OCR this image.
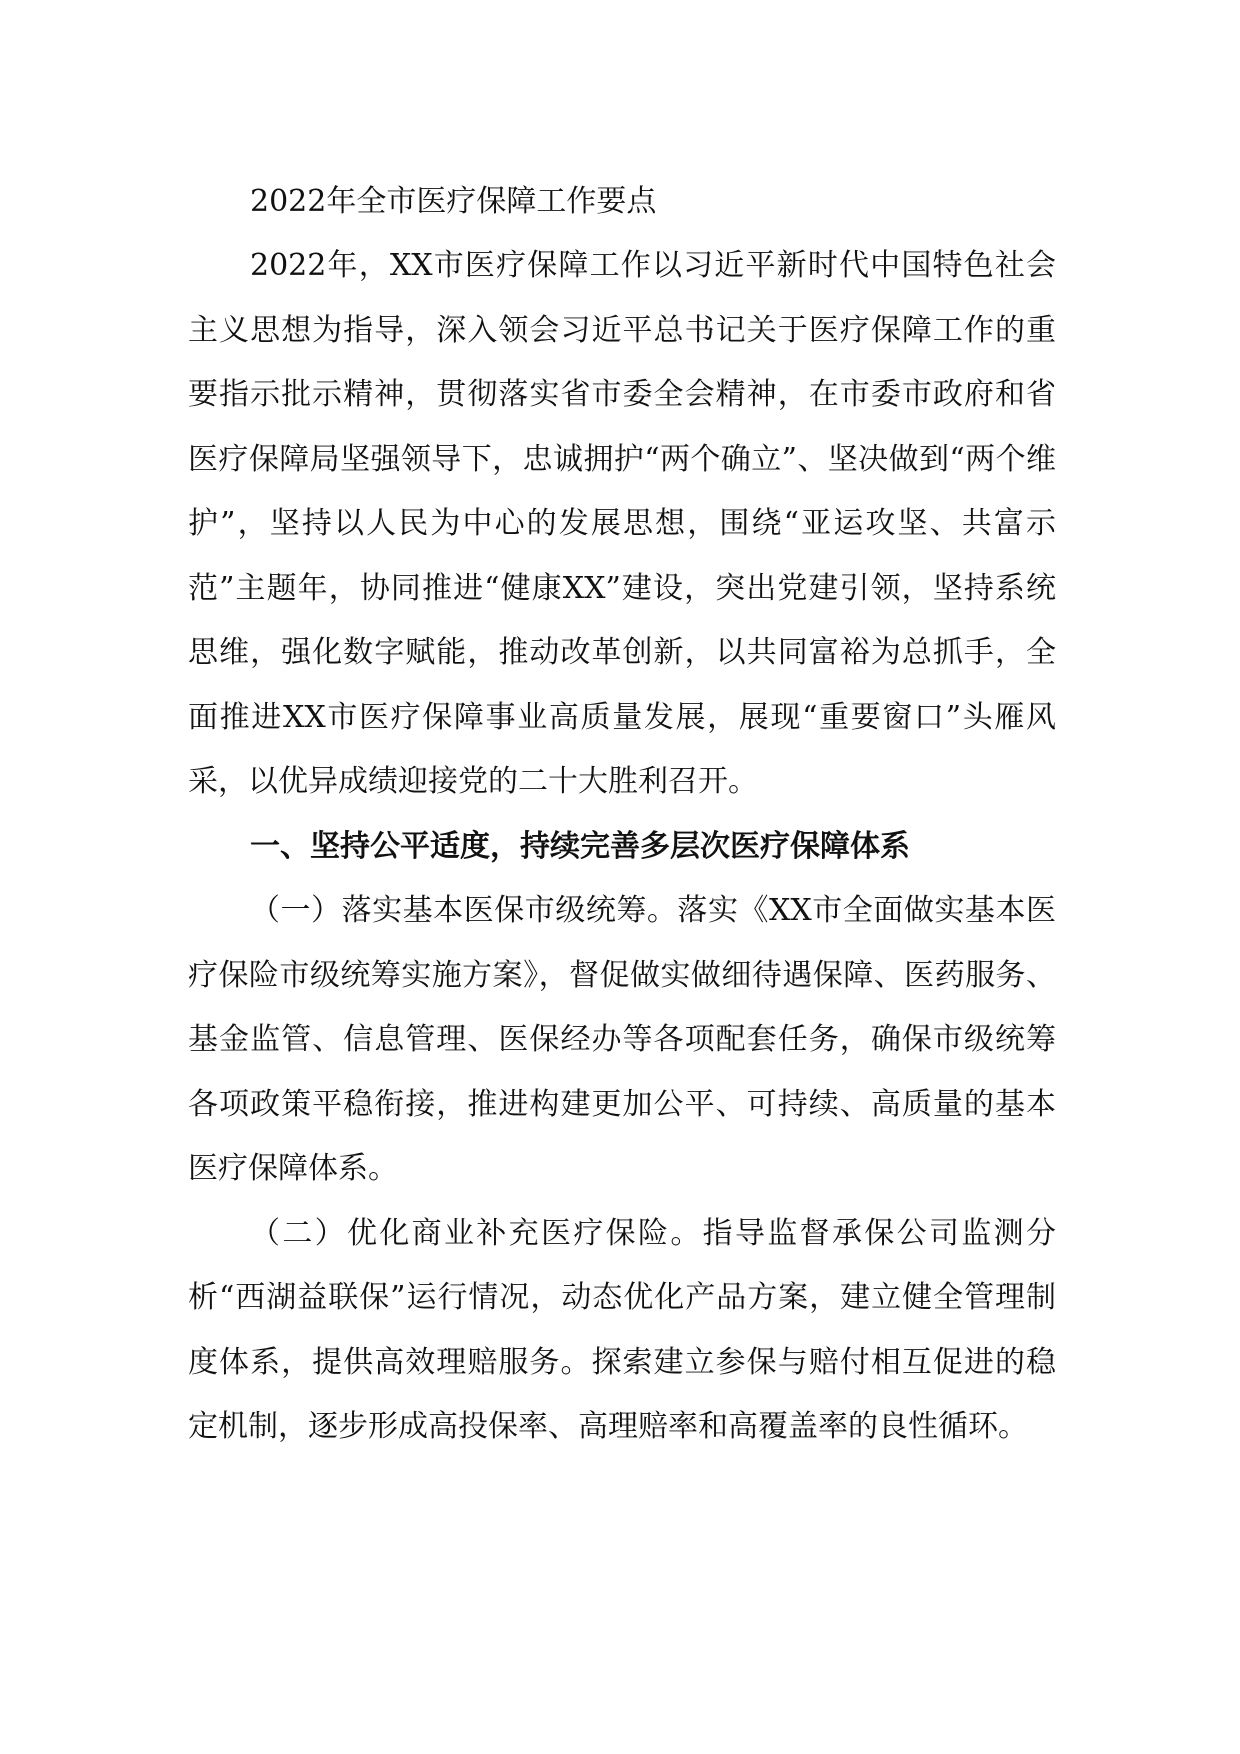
2022年全市医疗保障工作要点

2022年，XX市医疗保障工作以习近平新时代中国特色社会主义思想为指导，深入领会习近平总书记关于医疗保障工作的重要指示批示精神，贯彻落实省市委全会精神，在市委市政府和省医疗保障局坚强领导下，忠诚拥护“两个确立”、坚决做到“两个维护”，坚持以人民为中心的发展思想，围绕“亚运攻坚、共富示范”主题年，协同推进“健康XX”建设，突出党建引领，坚持系统思维，强化数字赋能，推动改革创新，以共同富裕为总抓手，全面推进XX市医疗保障事业高质量发展，展现“重要窗口”头雁风采，以优异成绩迎接党的二十大胜利召开。

一、坚持公平适度，持续完善多层次医疗保障体系

（一）落实基本医保市级统筹。落实《XX市全面做实基本医疗保险市级统筹实施方案》，督促做实做细待遇保障、医药服务、基金监管、信息管理、医保经办等各项配套任务，确保市级统筹各项政策平稳衔接，推进构建更加公平、可持续、高质量的基本医疗保障体系。

（二）优化商业补充医疗保险。指导监督承保公司监测分析“西湖益联保”运行情况，动态优化产品方案，建立健全管理制度体系，提供高效理赔服务。探索建立参保与赔付相互促进的稳定机制，逐步形成高投保率、高理赔率和高覆盖率的良性循环。
